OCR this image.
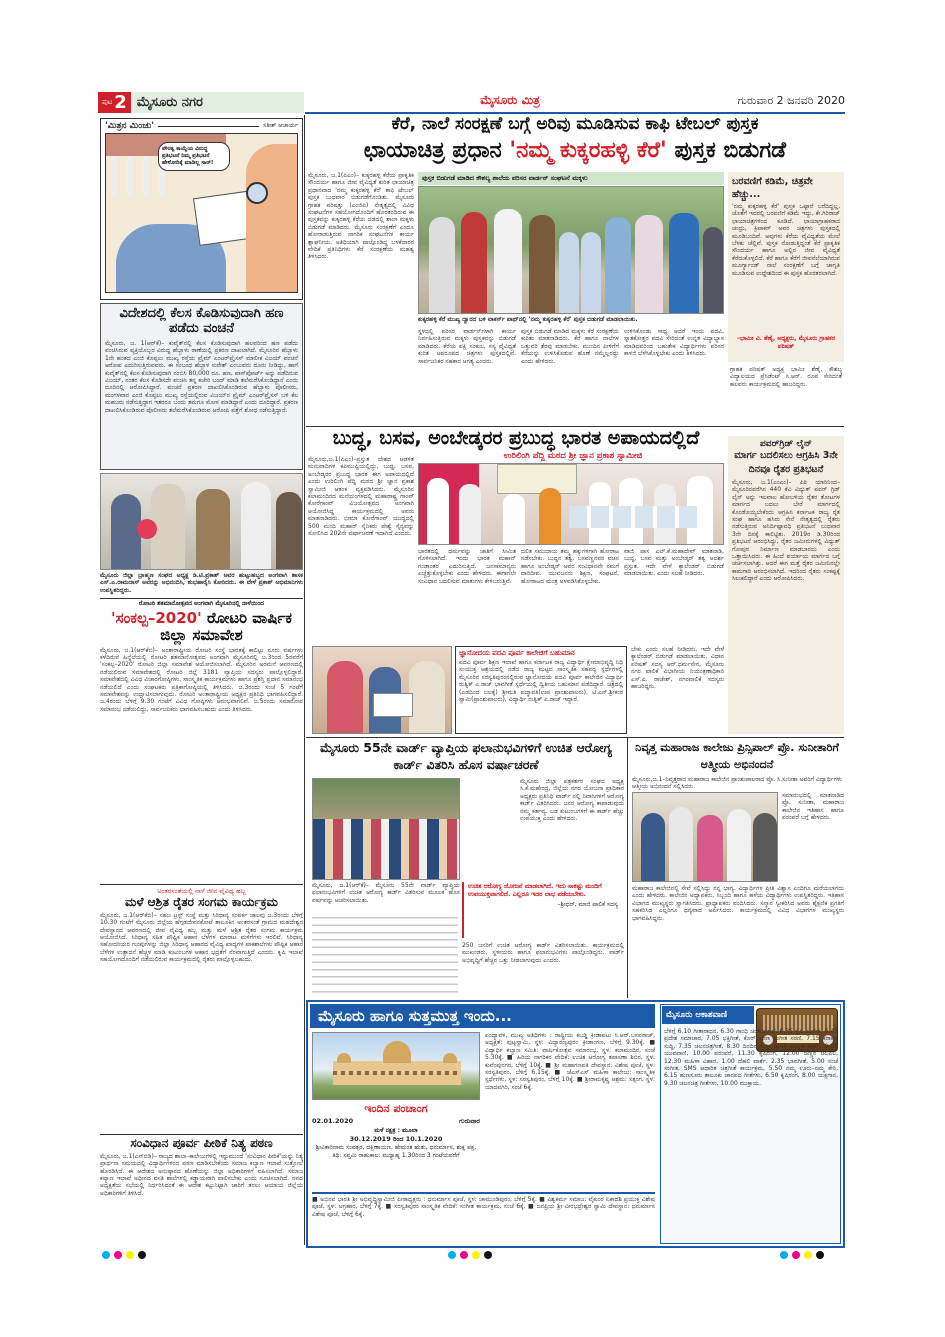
ಪುಟ 2 ಮೈಸೂರು ನಗರ	ಮೈಸೂರು ಮಿತ್ರ	ಗುರುವಾರ 2 ಜನವರಿ 2020
'ಮಿತ್ರನ ಮಿಂಚು'	ಸತೀಶ್ ಆಚಾರ್ಯ
ಪೌರತ್ವ ಕಾಯ್ದೆಯ ವಿರುದ್ಧ ಪ್ರತಿಭಟನೆ ನಿಮ್ಮ ಪ್ರತಿಭಟನೆ ಹೇಳೋದಿಕ್ಕೆ ಮಾಡಿಲ್ಲ ಸಾರ್!
ವಿದೇಶದಲ್ಲಿ ಕೆಲಸ ಕೊಡಿಸುವುದಾಗಿ ಹಣ ಪಡೆದು ವಂಚನೆ
ಮೈಸೂರು, ಜ. 1(ಆರ್‌ಕೆ)– ಕುವೈತ್‌ನಲ್ಲಿ ಕೆಲಸ ಕೊಡಿಸುವುದಾಗಿ ಹಲವರಿಂದ ಹಣ ಪಡೆದು ವಂಚಿಸಿರುವ ವ್ಯಕ್ತಿಯೊಬ್ಬರ ವಿರುದ್ಧ ಹೆಬ್ಬಾಳು ಠಾಣೆಯಲ್ಲಿ ಪ್ರಕರಣ ದಾಖಲಾಗಿದೆ. ಮೈಸೂರಿನ ಹೆಬ್ಬಾಳು 1ನೇ ಹಂತದ ಎಂಜಿ ಕೊಪ್ಪಲು ಮುಖ್ಯ ರಸ್ತೆಯ ಪ್ರೈಮ್ ಎಂಟರ್‌ಪ್ರೈಸಸ್ ಮಾಲೀಕ ವಿಜಯ್ ವಂಚನೆ ಆರೋಪ ಎದುರಿಸುತ್ತಿರುವವರು. ಈ ಸಂಬಂಧ ಹೆಬ್ಬಾಳ ಸುರೇಶ್ ಎಂಬುವರು ದೂರು ನೀಡಿದ್ದು, ಹಾಗೆ ಕುವೈತ್‌ನಲ್ಲಿ ಕೆಲಸ ಕೊಡಿಸುವುದಾಗಿ ನಂಬಿಸಿ 80,000 ರೂ. ಹಣ, ಪಾಸ್‌ಪೋರ್ಟ್ ಅನ್ನು ಪಡೆದಿರುವ ವಿಜಯ್, ನಂತರ ಕೆಲಸ ಕೊಡಿಸದೇ ವಂಚಿಸಿ ತನ್ನ ಕಚೇರಿ ಬಂದ್ ಮಾಡಿ ತಲೆಮರೆಸಿಕೊಂಡಿದ್ದಾನೆ ಎಂದು ದೂರಿನಲ್ಲಿ ಆರೋಪಿಸಿದ್ದಾರೆ. ವಂಚನೆ ಪ್ರಕರಣ ದಾಖಲಿಸಿಕೊಂಡಿರುವ ಹೆಬ್ಬಾಳು ಪೊಲೀಸರು, ಮಂಗಳವಾರ ಎಂಜಿ ಕೊಪ್ಪಲು ಮುಖ್ಯ ರಸ್ತೆಯಲ್ಲಿರುವ ವಿಜಯ್‌ನ ಪ್ರೈಮ್ ಎಂಟರ್‌ಪ್ರೈಸಸ್ ಬಳಿ ಕೆಲ ಮಹಜರು ನಡೆಸುತ್ತಿದ್ದಾಗ ಇತರರೂ ಬಂದು ತಮಗೂ ಮೋಸ ಮಾಡಿದ್ದಾರೆ ಎಂದು ದೂರಿದ್ದಾರೆ. ಪ್ರಕರಣ ದಾಖಲಿಸಿಕೊಂಡಿರುವ ಪೊಲೀಸರು ತಲೆಮರೆಸಿಕೊಂಡಿರುವ ಆರೋಪಿ ಪತ್ತೆಗೆ ಶೋಧ ನಡೆಸುತ್ತಿದ್ದಾರೆ.
ಮೈಸೂರು ಜಿಲ್ಲಾ ಬ್ರಾಹ್ಮಣ ಸಂಘದ ಅಧ್ಯಕ್ಷ ಡಿ.ಟಿ.ಪ್ರಕಾಶ್ ಅವರ ಹುಟ್ಟುಹಬ್ಬದ ಅಂಗವಾಗಿ ಶಾಸಕ ಎಸ್.ಎ.ರಾಮದಾಸ್ ಅವರನ್ನು ಅಭಿನಂದಿಸಿ, ಶುಭಹಾರೈಸಿ ಕೋರಿದರು. ಈ ವೇಳೆ ಪ್ರಕಾಶ್ ಅಭಿಮಾನಿಗಳು ಉಪಸ್ಥಿತರಿದ್ದರು.
ರೋಟರಿ ಶತಮಾನೋತ್ಸವದ ಅಂಗವಾಗಿ ಮೈಸೂರಿನಲ್ಲಿ ನಾಳೆಯಿಂದ
'ಸಂಕಲ್ಪ–2020' ರೋಟರಿ ವಾರ್ಷಿಕ ಜಿಲ್ಲಾ ಸಮಾವೇಶ
ಮೈಸೂರು, ಜ.1(ಆರ್‌ಕೆಬಿ)– ಅಂತಾರಾಷ್ಟ್ರೀಯ ರೋಟರಿ ಸಂಸ್ಥೆ ಭಾರತಕ್ಕೆ ಕಾಲಿಟ್ಟು ನೂರು ವರ್ಷಗಳು ಕಳೆದಿರುವ ಹಿನ್ನೆಲೆಯಲ್ಲಿ ರೋಟರಿ ಶತಮಾನೋತ್ಸವದ ಅಂಗವಾಗಿ ಮೈಸೂರಿನಲ್ಲಿ ಜ.3ರಿಂದ 5ರವರೆಗೆ 'ಸಂಕಲ್ಪ–2020' ರೋಟರಿ ಜಿಲ್ಲಾ ಸಮಾವೇಶ ಆಯೋಜಿಸಲಾಗಿದೆ. ಮೈಸೂರಿನ ಅರಮನೆ ಆವರಣದಲ್ಲಿ ನಡೆಯಲಿರುವ ಸಮಾವೇಶದಲ್ಲಿ ರೋಟರಿ ಜಿಲ್ಲೆ 3181 ವ್ಯಾಪ್ತಿಯ ಸದಸ್ಯರು ಪಾಲ್ಗೊಳ್ಳಲಿದ್ದಾರೆ. ಸಮಾವೇಶದಲ್ಲಿ ವಿವಿಧ ವಿಚಾರಗೋಷ್ಠಿಗಳು, ಸಾಂಸ್ಕೃತಿಕ ಕಾರ್ಯಕ್ರಮಗಳು ಹಾಗೂ ಪ್ರಶಸ್ತಿ ಪ್ರದಾನ ಸಮಾರಂಭ ನಡೆಯಲಿದೆ ಎಂದು ಸಂಘಟಕರು ಪತ್ರಿಕಾಗೋಷ್ಠಿಯಲ್ಲಿ ತಿಳಿಸಿದರು. ಜ.3ರಂದು ಸಂಜೆ 5 ಗಂಟೆಗೆ ಸಮಾವೇಶವನ್ನು ಉದ್ಘಾಟಿಸಲಾಗುವುದು. ರೋಟರಿ ಅಂತಾರಾಷ್ಟ್ರೀಯ ಅಧ್ಯಕ್ಷರ ಪ್ರತಿನಿಧಿ ಭಾಗವಹಿಸಲಿದ್ದಾರೆ. ಜ.4ರಂದು ಬೆಳಿಗ್ಗೆ 9.30 ಗಂಟೆಗೆ ವಿವಿಧ ಗೋಷ್ಠಿಗಳು ಆರಂಭವಾಗಲಿವೆ. ಜ.5ರಂದು ಸಮಾರೋಪ ಸಮಾರಂಭ ನಡೆಯಲಿದ್ದು, ಸಾರ್ವಜನಿಕರು ಭಾಗವಹಿಸಬಹುದು ಎಂದು ತಿಳಿಸಿದರು.
ಅಂತರಸಂತೆಯಲ್ಲಿ ನಾಳೆ ಜೀವ ವೈವಿಧ್ಯ ಹಬ್ಬ
ಮಳೆ ಆಶ್ರಿತ ರೈತರ ಸಂಗಮ ಕಾರ್ಯಕ್ರಮ
ಮೈಸೂರು, ಜ.1(ಆರ್‌ಕೆಬಿ)– ಸಹಜ ಟ್ರಸ್ಟ್ ಸಂಸ್ಥೆ ಮತ್ತು ಸಿರಿಧಾನ್ಯ ಸಂಪರ್ಕ ಜಾಲವು ಜ.3ರಂದು ಬೆಳಿಗ್ಗೆ 10.30 ಗಂಟೆಗೆ ಮೈಸೂರು ಜಿಲ್ಲೆಯ ಹೆಗ್ಗಡದೇವನಕೋಟೆ ತಾಲೂಕಿನ ಅಂತರಸಂತೆ ಗ್ರಾಮದ ಮಹದೇಶ್ವರ ದೇವಸ್ಥಾನದ ಆವರಣದಲ್ಲಿ ಜೀವ ವೈವಿಧ್ಯ ಹಬ್ಬ ಮತ್ತು ಮಳೆ ಆಶ್ರಿತ ರೈತರ ಸಂಗಮ ಕಾರ್ಯಕ್ರಮ ಆಯೋಜಿಸಿದೆ. ಸಿರಿಧಾನ್ಯ ಸಹಿತ ಪೌಷ್ಟಿಕ ಆಹಾರ ಬೆಳೆಗಳ ಮಾರಾಟ ಮಳಿಗೆಗಳು ಇರಲಿವೆ. ಸಿರಿಧಾನ್ಯ ಸಹೋದರಿಯರ ಗುಂಪುಗಳನ್ನು ಜಿಲ್ಲಾ ಸಿರಿಧಾನ್ಯ ಆಹಾರದ ವೈವಿಧ್ಯ ಖಾದ್ಯಗಳ ಪಾಕಶಾಲೆಗಳು ಪೌಷ್ಟಿಕ ಆಹಾರ ಬೆಳೆಗಳ ಉತ್ಪಾದನೆ ಹೆಚ್ಚಳ ಮಾಡಿ ಕುಟುಂಬಗಳ ಆಹಾರ ಭದ್ರತೆಗೆ ನೆರವಾಗುತ್ತಿದೆ ಎಂದರು. ಕೃಷಿ ಇಲಾಖೆ ಸಹಯೋಗದೊಂದಿಗೆ ನಡೆಯಲಿರುವ ಕಾರ್ಯಕ್ರಮದಲ್ಲಿ ರೈತರು ಪಾಲ್ಗೊಳ್ಳಬಹುದು.
ಸಂವಿಧಾನ ಪೂರ್ವ ಪೀಠಿಕೆ ನಿತ್ಯ ಪಠಣ
ಮೈಸೂರು, ಜ.1(ಎಸ್‌ಬಿಡಿ)– ರಾಜ್ಯದ ಶಾಲಾ–ಕಾಲೇಜುಗಳಲ್ಲಿ ಇನ್ನುಮುಂದೆ 'ಸಂವಿಧಾನ ಪೀಠಿಕೆ'ಯನ್ನು ನಿತ್ಯ ಪ್ರಾರ್ಥನಾ ಸಮಯದಲ್ಲಿ ವಿದ್ಯಾರ್ಥಿಗಳಿಂದ ಪಠಣ ಮಾಡಿಸಬೇಕೆಂದು ಸಮಾಜ ಕಲ್ಯಾಣ ಇಲಾಖೆ ಸುತ್ತೋಲೆ ಹೊರಡಿಸಿದೆ. ಈ ಆದೇಶದ ಅನುಷ್ಠಾನದ ಹೊಣೆಯನ್ನು ಜಿಲ್ಲಾ ಅಧಿಕಾರಿಗಳಿಗೆ ವಹಿಸಲಾಗಿದೆ. ಸಮಾಜ ಕಲ್ಯಾಣ ಇಲಾಖೆ ಅಧೀನದ ವಸತಿ ಶಾಲೆಗಳಲ್ಲಿ ಕಡ್ಡಾಯವಾಗಿ ಪಾಲಿಸಬೇಕು ಎಂದು ಸೂಚಿಸಲಾಗಿದೆ. ನವದ ಅಧ್ಯಕ್ಷತೆಯ ಸಭೆಯಲ್ಲಿ ನಿರ್ಧರಿಸಿದಂತೆ ಈ ಆದೇಶ ಕಟ್ಟುನಿಟ್ಟಾಗಿ ಜಾರಿಗೆ ತರಲು ಆಯಾಯ ಜಿಲ್ಲೆಯ ಅಧಿಕಾರಿಗಳಿಗೆ ತಿಳಿಸಿದೆ.
ಕೆರೆ, ನಾಲೆ ಸಂರಕ್ಷಣೆ ಬಗ್ಗೆ ಅರಿವು ಮೂಡಿಸುವ ಕಾಫಿ ಟೇಬಲ್ ಪುಸ್ತಕ
ಛಾಯಾಚಿತ್ರ ಪ್ರಧಾನ 'ನಮ್ಮ ಕುಕ್ಕರಹಳ್ಳಿ ಕೆರೆ' ಪುಸ್ತಕ ಬಿಡುಗಡೆ
ಮೈಸೂರು, ಜ.1(ಪಿಎಂ)– ಕುಕ್ಕರಹಳ್ಳಿ ಕೆರೆಯ ಪ್ರಾಕೃತಿಕ ಸೌಂದರ್ಯ ಹಾಗೂ ಜೀವ ವೈವಿಧ್ಯತೆ ಕುರಿತ ಛಾಯಾಚಿತ್ರ ಪ್ರಧಾನವಾದ 'ನಮ್ಮ ಕುಕ್ಕರಹಳ್ಳಿ ಕೆರೆ' ಕಾಫಿ ಟೇಬಲ್ ಪುಸ್ತಕ ಬುಧವಾರ ಬಿಡುಗಡೆಗೊಂಡಿತು. ಮೈಸೂರು ಗ್ರಾಹಕ ಪರಿಷತ್ತು (ಎಂಜಿಪಿ) ನೇತೃತ್ವದಲ್ಲಿ ವಿವಿಧ ಸಂಘಟನೆಗಳ ಸಹಯೋಗದೊಂದಿಗೆ ಹೊರತಂದಿರುವ ಈ ಪುಸ್ತಕವನ್ನು ಕುಕ್ಕರಹಳ್ಳಿ ಕೆರೆಯ ದಡದಲ್ಲಿ ಶಾಲಾ ಮಕ್ಕಳು ಬಿಡುಗಡೆ ಮಾಡಿದರು. ಮೈಸೂರು ಸಂರಕ್ಷಣೆಗೆ ಎಂದೂ ಹೋರಾಡುತ್ತಿರುವ ನಾಗರಿಕ ಸಂಘಟನೆಗಳ ಕಾರ್ಯ ಶ್ಲಾಘನೀಯ. ಅತಿಥಿಯಾಗಿ ಪಾಲ್ಗೊಂಡಿದ್ದ ಬಳಕೆದಾರರ ವೇದಿಕೆ ಪ್ರತಿನಿಧಿಗಳು ಕೆರೆ ಸಂರಕ್ಷಣೆಯ ಮಹತ್ವ ತಿಳಿಸಿದರು.
ಪುಸ್ತಕ ಬಿಡುಗಡೆ ಮಾಡಿದ ಕೌಶಲ್ಯ ಶಾಲೆಯ ಪರಿಸರ ವಾರ್ಡನ್ ಸಂಘಟನೆ ಮಕ್ಕಳು
ಕುಕ್ಕರಹಳ್ಳಿ ಕೆರೆ ಮುಖ್ಯ ದ್ವಾರದ ಬಳಿ ವಾಕರ್ಸ್ ಪಾಥ್‌ನಲ್ಲಿ 'ನಮ್ಮ ಕುಕ್ಕರಹಳ್ಳಿ ಕೆರೆ' ಪುಸ್ತಕ ಬಿಡುಗಡೆ ಮಾಡಲಾಯಿತು.
ಸ್ಥಳದಲ್ಲಿ ಪರಿಸರ ವಾರ್ಡನ್‌ಗಳಾಗಿ ಕಾರ್ಯ ನಿರ್ವಹಿಸುತ್ತಿರುವ ಮಕ್ಕಳು ಪುಸ್ತಕವನ್ನು ಬಿಡುಗಡೆ ಮಾಡಿದರು. ಕೆರೆಯ ಪಕ್ಷಿ ಸಂಕುಲ, ಸಸ್ಯ ವೈವಿಧ್ಯತೆ ಕುರಿತ ಅಪರೂಪದ ಚಿತ್ರಗಳು ಪುಸ್ತಕದಲ್ಲಿವೆ. ಸಾರ್ವಜನಿಕರ ಸಹಕಾರ ಅಗತ್ಯ ಎಂದರು.
ಪುಸ್ತಕ ಬಿಡುಗಡೆ ಮಾಡಿದ ಮಕ್ಕಳು ಕೆರೆ ಸಂರಕ್ಷಣೆಯ ಕುರಿತು ಮಾತನಾಡಿದರು. ಕೆರೆ ಹಾಗೂ ನಾಲೆಗಳ ಒತ್ತುವರಿ ತೆರವು ಮಾಡಬೇಕು. ಮುಂದಿನ ಪೀಳಿಗೆಗೆ ಕೆರೆಯನ್ನು ಉಳಿಸಿಕೊಡುವ ಹೊಣೆ ನಮ್ಮೆಲ್ಲರದ್ದು ಎಂದು ಹೇಳಿದರು.
ಉಳಿಸಿಕೊಂಡು ಸಾಧ್ಯ ಆದರೆ ಇಂದು ಪದವಿ, ಸ್ನಾತಕೋತ್ತರ ಪದವಿ ಸೇರಿದಂತೆ ಉನ್ನತ ವಿದ್ಯಾಭ್ಯಾಸ ಮಾಡಿದವರಿಂದ ಬಹುತೇಕ ವಿದ್ಯಾರ್ಥಿಗಳು ಪರಿಸರ ಕಾಳಜಿ ಬೆಳೆಸಿಕೊಳ್ಳಬೇಕು ಎಂದು ತಿಳಿಸಿದರು.
ಬರವಣಿಗೆ ಕಡಿಮೆ, ಚಿತ್ರವೇ ಹೆಚ್ಚು...
'ನಮ್ಮ ಕುಕ್ಕರಹಳ್ಳಿ ಕೆರೆ' ಪುಸ್ತಕ ಒಟ್ಟಾರೆ ಬರೆದಿದ್ದಲ್ಲ, ಜೊತೆಗೆ ಇದರಲ್ಲಿ ಬರವಣಿಗೆ ಕಡಿಮೆ ಇದ್ದು, ಕೇ.ಗಿರಿರಾಜ್ ಛಾಯಾಚಿತ್ರಗಳಿಂದ ಕೂಡಿದೆ. ಛಾಯಾಗ್ರಾಹಕರಾದ ಚಂದ್ರು, ಕ್ರಿಪಾಕರ್ ಅವರ ಚಿತ್ರಗಳು ಪುಸ್ತಕದಲ್ಲಿ ಮೂಡಿಬಂದಿವೆ. ಅವುಗಳು ಕೆರೆಯ ವೈವಿಧ್ಯತೆಯ ಮೇಲೆ ಬೆಳಕು ಚೆಲ್ಲಿವೆ. ಪುಸ್ತಕ ನೋಡುತ್ತಿದ್ದಂತೆ ಕೆರೆ ಪ್ರಾಕೃತಿಕ ಸೌಂದರ್ಯ ಹಾಗೂ ಅಲ್ಲಿನ ಜೀವ ವೈವಿಧ್ಯತೆ ಕೆರೆದುಕೊಳ್ಳಲಿದೆ. ಕೆರೆ ಹಾಗೂ ಕೆರೆಗೆ ಜೀವಸೆಲೆಯಾಗಿರುವ ಮೂರ್ಗ್ಯಾಂಡ್ ನಾಲೆ ಸಂರಕ್ಷಣೆಗೆ ಬಗ್ಗೆ ಜಾಗೃತಿ ಮೂಡಿಸುವ ಉದ್ದೇಶದಿಂದ ಈ ಪುಸ್ತಕ ಹೊರತರಲಾಗಿದೆ.
–ಭಾಮೀ ವಿ. ಶೆಣೈ, ಅಧ್ಯಕ್ಷರು, ಮೈಸೂರು ಗ್ರಾಹಕರ ಪರಿಷತ್
ಗ್ರಾಹಕ ಪರಿಷತ್ ಅಧ್ಯಕ್ಷ ಭಾಮೀ ಶೆಣೈ, ಕೌಶಲ್ಯ ವಿದ್ಯಾಲಯದ ಪ್ರೆಸಿಡೆಂಟ್ ಸಿ.ಆರ್. ರೂಪ ಸೇರಿದಂತೆ ಹಲವರು ಕಾರ್ಯಕ್ರಮದಲ್ಲಿ ಹಾಜರಿದ್ದರು.
ಬುದ್ಧ, ಬಸವ, ಅಂಬೇಡ್ಕರರ ಪ್ರಬುದ್ಧ ಭಾರತ ಅಪಾಯದಲ್ಲಿದೆ
ಉರಿಲಿಂಗಿ ಪೆದ್ದಿ ಮಠದ ಶ್ರೀ ಜ್ಞಾನ ಪ್ರಕಾಶ ಸ್ವಾಮೀಜಿ
ಮೈಸೂರು,ಜ.1(ಪಿಎಂ)–ಪ್ರಸ್ತುತ ದೇಶದ ಆಡಳಿತ ಮನುವಾದಿಗಳ ಕಪಿಮುಷ್ಟಿಯಲ್ಲಿದ್ದು, ಬುದ್ಧ, ಬಸವ, ಅಂಬೇಡ್ಕರರ ಪ್ರಬುದ್ಧ ಭಾರತ ಈಗ ಅಪಾಯದಲ್ಲಿದೆ ಎಂದು ಉರಿಲಿಂಗಿ ಪೆದ್ದಿ ಮಠದ ಶ್ರೀ ಜ್ಞಾನ ಪ್ರಕಾಶ ಸ್ವಾಮೀಜಿ ಆತಂಕ ವ್ಯಕ್ತಪಡಿಸಿದರು. ಮೈಸೂರಿನ ಕಲಾಮಂದಿರದ ಮನೆಯಂಗಳದಲ್ಲಿ ಮಹಾರಾಷ್ಟ್ರ ಗಾಂವ್ ಕೋರೆಗಾಂವ್ ವಿಜಯೋತ್ಸವದ ಅಂಗವಾಗಿ ಆಯೋಜಿಸಿದ್ದ ಕಾರ್ಯಕ್ರಮದಲ್ಲಿ ಅವರು ಮಾತನಾಡಿದರು. ಭೀಮಾ ಕೋರೆಗಾಂವ್ ಯುದ್ಧದಲ್ಲಿ 500 ಮಂದಿ ಮಹಾರ್ ಸೈನಿಕರು ಪೇಶ್ವೆ ಸೈನ್ಯವನ್ನು ಸೋಲಿಸಿದ 202ನೇ ವರ್ಷಾಚರಣೆ ಇದಾಗಿದೆ ಎಂದರು.
ಭಾರತದಲ್ಲಿ ಧರ್ಮವನ್ನು ಜಾತಿಗೆ ಸೀಮಿತ ಗೊಳಿಸಲಾಗಿದೆ. ಇಂದು ಭಾರತ ಮಹಾನ್ ಗಂಡಾಂತರ ಎದುರಿಸುತ್ತಿದೆ. ಜನಸಾಮಾನ್ಯರು ಎಚ್ಚೆತ್ತುಕೊಳ್ಳಬೇಕು ಎಂದು ಹೇಳಿದರು. ಈಗಾಗಲೇ ಸಂವಿಧಾನ ಬದಲಿಸುವ ಮಾತುಗಳು ಕೇಳಿಬರುತ್ತಿವೆ.
ದಲಿತ ಸಮುದಾಯ ತಮ್ಮ ಹಕ್ಕುಗಳಿಗಾಗಿ ಹೋರಾಟ ನಡೆಸಬೇಕು. ಬುದ್ಧನ ತತ್ವ, ಬಸವಣ್ಣನವರ ವಚನ ಹಾಗೂ ಅಂಬೇಡ್ಕರ್ ಅವರ ಸಂವಿಧಾನವೇ ನಮಗೆ ದಾರಿದೀಪ. ಯುವಜನರು ಶಿಕ್ಷಣ, ಸಂಘಟನೆ, ಹೋರಾಟದ ಮಂತ್ರ ಅಳವಡಿಸಿಕೊಳ್ಳಬೇಕು.
ವಾಜಿ ಪಾಸ ಎಲ್.ಕೆ.ಮಹಾದೇವ್ ಮಾತನಾಡಿ, ಬುದ್ಧ, ಬಸವ ಮತ್ತು ಅಂಬೇಡ್ಕರ್ ತತ್ವ ಆದರ್ಶ ಪ್ರಸ್ತುತ. ಇದೇ ವೇಳೆ ಕ್ಯಾಲೆಂಡರ್ ಬಿಡುಗಡೆ ಮಾಡಲಾಯಿತು. ಎಂದು ಸಲಹೆ ನೀಡಿದರು.
ಪವರ್‌ಗ್ರಿಡ್ ಲೈನ್
ಮಾರ್ಗ ಬದಲಿಸಲು ಆಗ್ರಹಿಸಿ 3ನೇ ದಿನವೂ ರೈತರ ಪ್ರತಿಭಟನೆ
ಮೈಸೂರು, ಜ.1(ಎಂಎಂ)– ಪಿಠಿ ಯಾರಿನಿಂದ–ಮೈಸೂರಿನವರೆಗಿನ 440 ಕೆವಿ ವಿದ್ಯುತ್ ಪವರ್ ಗ್ರಿಡ್ ಲೈನ್ ಅನ್ನು ಇಲವಾಲ ಹೋಬಳಿಯ ರೈತರ ತೋಟಗಳ ಮಾರ್ಗದ ಬದಲು ಬೇರೆ ಮಾರ್ಗದಲ್ಲಿ ಕೊಂಡೊಯ್ಯಬೇಕೆಂದು ಆಗ್ರಹಿಸಿ ಕರ್ನಾಟಕ ರಾಜ್ಯ ರೈತ ಸಂಘ ಹಾಗೂ ಹಸಿರು ಸೇನೆ ನೇತೃತ್ವದಲ್ಲಿ ರೈತರು ನಡೆಸುತ್ತಿರುವ ಅನಿರ್ದಿಷ್ಟಾವಧಿ ಪ್ರತಿಭಟನೆ ಬುಧವಾರ 3ನೇ ದಿನಕ್ಕೆ ಕಾಲಿಟ್ಟಿತು. 2019ರ ಡಿ.30ರಿಂದ ಪ್ರತಿಭಟನೆ ಆರಂಭಿಸಿದ್ದು, ರೈತರ ಜಮೀನುಗಳಲ್ಲಿ ವಿದ್ಯುತ್ ಗೋಪುರ ನಿರ್ಮಾಣ ಮಾಡಬಾರದು ಎಂದು ಒತ್ತಾಯಿಸಿದರು. ಈ ಹಿಂದೆ ಪರ್ಯಾಯ ಮಾರ್ಗದ ಬಗ್ಗೆ ಚರ್ಚಿಸಲಾಗಿತ್ತು. ಆದರೆ ಈಗ ಮತ್ತೆ ರೈತರ ಜಮೀನಿನಲ್ಲೇ ಕಾಮಗಾರಿ ಆರಂಭಿಸಲಾಗಿದೆ. ಇದರಿಂದ ರೈತರು ಸಂಕಷ್ಟಕ್ಕೆ ಸಿಲುಕಲಿದ್ದಾರೆ ಎಂದು ಆರೋಪಿಸಿದರು.
ಜ್ಞಾನೋದಯ ಪದವಿ ಪೂರ್ವ ಕಾಲೇಜಿಗೆ ಬಹುಮಾನ
ಪದವಿ ಪೂರ್ವ ಶಿಕ್ಷಣ ಇಲಾಖೆ ಹಾಗೂ ಕರ್ನಾಟಕ ರಾಜ್ಯ ವಿದ್ಯಾರ್ಥಿ ಕ್ಷೇಮಾಭಿವೃದ್ಧಿ ನಿಧಿ ಸಂಯುಕ್ತ ಆಶ್ರಯದಲ್ಲಿ ನಡೆದ ರಾಜ್ಯ ಮಟ್ಟದ ಸಾಂಸ್ಕೃತಿಕ ಸಹಪಠ್ಯ ಸ್ಪರ್ಧೆಗಳಲ್ಲಿ ಮೈಸೂರಿನ ಸರಸ್ವತಿಪುರಂನಲ್ಲಿರುವ ಜ್ಞಾನೋದಯ ಪದವಿ ಪೂರ್ವ ಕಾಲೇಜಿನ ವಿದ್ಯಾರ್ಥಿ ರುತ್ವಿಕ್ ಎ.ರಾಜ್ ಭಾವಗೀತೆ ಸ್ಪರ್ಧೆಯಲ್ಲಿ ದ್ವಿತೀಯ ಬಹುಮಾನ ಪಡೆದಿದ್ದಾರೆ. ಚಿತ್ರದಲ್ಲಿ (ಎಡದಿಂದ ಬಲಕ್ಕೆ) ಶ್ರೀಮತಿ ಪದ್ಮಾವತಿ(ಉಪ ಪ್ರಾಂಶುಪಾಲರು), ಟಿ.ಎನ್.ಶ್ರೀಕಂಠ ಸ್ವಾಮಿ(ಪ್ರಾಂಶುಪಾಲರು), ವಿದ್ಯಾರ್ಥಿ ರುತ್ವಿಕ್ ಎ.ರಾಜ್ ಇದ್ದಾರೆ.
ಬೇಕು ಎಂದು ಸಲಹೆ ನೀಡಿದರು. ಇದೇ ವೇಳೆ ಕ್ಯಾಲೆಂಡರ್ ಬಿಡುಗಡೆ ಮಾಡಲಾಯಿತು. ವಿಧಾನ ಪರಿಷತ್ ಸದಸ್ಯ ಆರ್.ಧರ್ಮಸೇನ, ಮೈಸೂರು ನಗರ ಪಾಲಿಕೆ ವಿಭಾಗೀಯ ನಿಯಂತ್ರಣಾಧಿಕಾರಿ ಎಸ್.ಎ. ರಾಜೇಶ್, ನಗರಪಾಲಿಕೆ ಸದಸ್ಯರು ಹಾಜರಿದ್ದರು.
ಮೈಸೂರು 55ನೇ ವಾರ್ಡ್ ವ್ಯಾಪ್ತಿಯ ಫಲಾನುಭವಿಗಳಿಗೆ ಉಚಿತ ಆರೋಗ್ಯ ಕಾರ್ಡ್ ವಿತರಿಸಿ ಹೊಸ ವರ್ಷಾಚರಣೆ
ಮೈಸೂರು, ಜ.1(ಆರ್‌ಕೆ)– ಮೈಸೂರು 55ನೇ ವಾರ್ಡ್ ವ್ಯಾಪ್ತಿಯ ಫಲಾನುಭವಿಗಳಿಗೆ ಉಚಿತ ಆರೋಗ್ಯ ಕಾರ್ಡ್ ವಿತರಿಸುವ ಮೂಲಕ ಹೊಸ ವರ್ಷವನ್ನು ಆಚರಿಸಲಾಯಿತು.
ಮೈಸೂರು ಜಿಲ್ಲಾ ಪತ್ರಕರ್ತರ ಸಂಘದ ಅಧ್ಯಕ್ಷ ಸಿ.ಕೆ.ಮಹೇಂದ್ರ, ಜಿಲ್ಲೆಯ ನಗರ ಯೋಜನಾ ಪ್ರಾಧಿಕಾರ ಅಧ್ಯಕ್ಷರು ಪ್ರತಿನಿಧಿ ವಾರ್ಡ್ ನಲ್ಲಿ ನಿವಾಸಿಗಳಿಗೆ ಆರೋಗ್ಯ ಕಾರ್ಡ್ ವಿತರಿಸಿದರು. ಜನರ ಆರೋಗ್ಯ ಕಾಪಾಡುವುದು ನಮ್ಮ ಕರ್ತವ್ಯ. ಬಡ ಕುಟುಂಬಗಳಿಗೆ ಈ ಕಾರ್ಡ್ ಹೆಚ್ಚು ಉಪಯುಕ್ತ ಎಂದು ಹೇಳಿದರು.
ಉಚಿತ ಆರೋಗ್ಯ ಯೋಜನೆ ಮಾಡಲಾಗಿದೆ. ಇದು ಸಾಕಷ್ಟು ಮಂದಿಗೆ ಉಪಯುಕ್ತವಾಗಲಿದೆ. ಎಲ್ಲರೂ ಇದರ ಲಾಭ ಪಡೆಯಬೇಕು.
–ಶ್ರೀಧರ್, ಮಾಜಿ ಪಾಲಿಕೆ ಸದಸ್ಯ
250 ಜನರಿಗೆ ಉಚಿತ ಆರೋಗ್ಯ ಕಾರ್ಡ್ ವಿತರಿಸಲಾಯಿತು. ಕಾರ್ಯಕ್ರಮದಲ್ಲಿ ಮುಖಂಡರು, ಸ್ಥಳೀಯರು ಹಾಗೂ ಫಲಾನುಭವಿಗಳು ಪಾಲ್ಗೊಂಡಿದ್ದರು. ವಾರ್ಡ್ ಅಭಿವೃದ್ಧಿಗೆ ಹೆಚ್ಚಿನ ಒತ್ತು ನೀಡಲಾಗುವುದು ಎಂದರು.
ನಿವೃತ್ತ ಮಹಾರಾಜ ಕಾಲೇಜು ಪ್ರಿನ್ಸಿಪಾಲ್ ಪ್ರೊ. ಸುನೀತಾರಿಗೆ ಆತ್ಮೀಯ ಅಭಿನಂದನೆ
ಮೈಸೂರು,ಜ.1–ನಿವೃತ್ತರಾದ ಮಹಾರಾಜ ಕಾಲೇಜಿನ ಪ್ರಾಂಶುಪಾಲರಾದ ಪ್ರೊ. ಸಿ.ಸುನೀತಾ ಅವರಿಗೆ ವಿದ್ಯಾರ್ಥಿಗಳು ಆತ್ಮೀಯ ಅಭಿನಂದನೆ ಸಲ್ಲಿಸಿದರು.
ಸಮಾರಂಭದಲ್ಲಿ ಮಾತನಾಡಿದ ಪ್ರೊ. ಸುನೀತಾ, ಮಹಾರಾಜ ಕಾಲೇಜಿನ ಇತಿಹಾಸ ಹಾಗೂ ಪರಂಪರೆ ಬಗ್ಗೆ ಹೇಳಿದರು.
ಮಹಾರಾಜ ಕಾಲೇಜಿನಲ್ಲಿ ಸೇವೆ ಸಲ್ಲಿಸಿದ್ದು ನನ್ನ ಭಾಗ್ಯ. ವಿದ್ಯಾರ್ಥಿಗಳ ಪ್ರೀತಿ ವಿಶ್ವಾಸ ಎಂದಿಗೂ ಮರೆಯಲಾಗದು ಎಂದು ಹೇಳಿದರು. ಕಾಲೇಜಿನ ಅಧ್ಯಾಪಕರು, ಸಿಬ್ಬಂದಿ ಹಾಗೂ ಹಳೆಯ ವಿದ್ಯಾರ್ಥಿಗಳು ಉಪಸ್ಥಿತರಿದ್ದರು. ಇತಿಹಾಸ ವಿಭಾಗದ ಮುಖ್ಯಸ್ಥರು ಸ್ವಾಗತಿಸಿದರು. ಪ್ರಾಧ್ಯಾಪಕರು ವಂದಿಸಿದರು. ಸನ್ಮಾನ ಸ್ವೀಕರಿಸಿದ ಅವರು ಶೈಕ್ಷಣಿಕ ಪ್ರಗತಿಗೆ ಸಹಕರಿಸಿದ ಎಲ್ಲರಿಗೂ ಧನ್ಯವಾದ ಅರ್ಪಿಸಿದರು. ಕಾರ್ಯಕ್ರಮದಲ್ಲಿ ವಿವಿಧ ವಿಭಾಗಗಳ ಮುಖ್ಯಸ್ಥರು ಭಾಗವಹಿಸಿದ್ದರು.
ಮೈಸೂರು ಹಾಗೂ ಸುತ್ತಮುತ್ತ ಇಂದು...
ಇಂದಿನ ಪಂಚಾಂಗ
02.01.2020	ಗುರುವಾರ
ಮಳೆ ನಕ್ಷತ್ರ : ಮೂಲಾ
30.12.2019 ರಿಂದ 10.1.2020
ಶ್ರೀವಿಕಾರಿನಾಮ ಸಂವತ್ಸರ, ದಕ್ಷಿಣಾಯಣ, ಹೇಮಂತ ಋತು, ಧನುರ್ಮಾಸ, ಶುಕ್ಲ ಪಕ್ಷ, ತಿಥಿ: ಸಪ್ತಮಿ ರಾಹುಕಾಲ: ಮಧ್ಯಾಹ್ನ 1.30ರಿಂದ 3 ಗಂಟೆಯವರೆಗೆ
■ ಅಭಿನವ ಭಾರತಿ ಶ್ರೀ ಅಭಿವೃದ್ಧಿಸ್ವಾಮೀಜಿ ಪೀಠಾಧ್ಯಕ್ಷರು : ಧನುರ್ಮಾಸ ಪೂಜೆ, ಸ್ಥಳ: ಚಾಮುಂಡಿಪುರಂ, ಬೆಳಿಗ್ಗೆ 5ಕ್ಕೆ. ■ ವಿಶ್ವಕರ್ಮ ಸಮಾಜ: ವೈಕುಂಠ ಏಕಾದಶಿ ಪ್ರಯುಕ್ತ ವಿಶೇಷ ಪೂಜೆ, ಸ್ಥಳ: ಅಗ್ರಹಾರ, ಬೆಳಿಗ್ಗೆ 7ಕ್ಕೆ. ■ ಸರಸ್ವತಿಪುರಂ ಸಾಂಸ್ಕೃತಿಕ ವೇದಿಕೆ: ಸಂಗೀತ ಕಾರ್ಯಕ್ರಮ, ಸಂಜೆ 6ಕ್ಕೆ. ■ ಜನಪ್ರಿಯ ಶ್ರೀ ವೀರಭದ್ರೇಶ್ವರ ಸ್ವಾಮಿ ದೇವಸ್ಥಾನ: ಧನುರ್ಮಾಸ ವಿಶೇಷ ಪೂಜೆ, ಬೆಳಿಗ್ಗೆ 6ಕ್ಕೆ.
ಪಂದ್ಯಾವಳಿ, ಮುಖ್ಯ ಅತಿಥಿಗಳು : ರಾಷ್ಟ್ರೀಯ ಕಬಡ್ಡಿ ಕ್ರೀಡಾಪಟು ಸಿ.ಆರ್.ಬಸವರಾಜ್, ಅಧ್ಯಕ್ಷತೆ: ಪುಟ್ಟಸ್ವಾಮಿ, ಸ್ಥಳ: ವಿದ್ಯಾರಣ್ಯಪುರಂ ಕ್ರೀಡಾಂಗಣ, ಬೆಳಿಗ್ಗೆ 9.30ಕ್ಕೆ. ■ ವಿದ್ಯಾರ್ಥಿ ಕಲ್ಯಾಣ ಸಮಿತಿ: ವಾರ್ಷಿಕೋತ್ಸವ ಸಮಾರಂಭ, ಸ್ಥಳ: ಕಲಾಮಂದಿರ, ಸಂಜೆ 5.30ಕ್ಕೆ. ■ ಹಿರಿಯ ನಾಗರಿಕರ ವೇದಿಕೆ: ಉಚಿತ ಆರೋಗ್ಯ ತಪಾಸಣಾ ಶಿಬಿರ, ಸ್ಥಳ: ಕುವೆಂಪುನಗರ, ಬೆಳಿಗ್ಗೆ 10ಕ್ಕೆ. ■ ಶ್ರೀ ಮಹಾಗಣಪತಿ ದೇವಸ್ಥಾನ: ವಿಶೇಷ ಪೂಜೆ, ಸ್ಥಳ: ಸರಸ್ವತಿಪುರಂ, ಬೆಳಿಗ್ಗೆ 6.15ಕ್ಕೆ. ■ ಜೆಎಸ್‌ಎಸ್ ಮಹಿಳಾ ಕಾಲೇಜು: ಸಾಂಸ್ಕೃತಿಕ ಸ್ಪರ್ಧೆಗಳು, ಸ್ಥಳ: ಸರಸ್ವತಿಪುರಂ, ಬೆಳಿಗ್ಗೆ 10ಕ್ಕೆ. ■ ಶ್ರೀರಾಮಕೃಷ್ಣ ಆಶ್ರಮ: ಸತ್ಸಂಗ, ಸ್ಥಳ: ಯಾದವಗಿರಿ, ಸಂಜೆ 6ಕ್ಕೆ.
ಮೈಸೂರು ಆಕಾಶವಾಣಿ
ಬೆಳಿಗ್ಗೆ 6.10 ಗೀತಾರಾಧನ, 6.30 ಗಾಂಧಿ ಚಿಂತನಮಾಲೆ, 6.35 ಕೃಷಿ ಸಂದೇಶ, 6.45 ಪ್ರದೇಶ ಸಮಾಚಾರ, 7.05 ಭಕ್ತಿಗೀತೆ, ಕೊರ್ ಪಠಣ ಸಂಗೀತ ಸರಣಿ, 7.15 ಕರಾವಳಿ ಸುದ್ದಿ, 7.35 ಚಲನಚಿತ್ರಗೀತೆ, 8.30 ದಿನದಿನ ಸುದ್ದಿ, 8.45 ಸಂಸ್ಕೃತ ವಾರ್ತೆ, 9.00 ಯುವವಾಣಿ, 10.00 ಪರಂಪರೆ, 11.30 ಕೃಷಿರಂಗ, 12.00 ಚಿಣ್ಣರ ಚಿಲಿಪಿಲಿ, 12.30 ಮಹಿಳಾ ವಿಹಾರ, 1.00 ದೆಹಲಿ ವಾರ್ತೆ, 2.35 ಭಾವಗೀತೆ, 5.00 ಸಂಜೆ ಸಂಗೀತ, SMS ಆಧಾರಿತ ಚಿತ್ರಗೀತೆ ಕಾರ್ಯಕ್ರಮ, 5.50 ನಮ್ಮ ಊರು–ನಮ್ಮ ಕೇರಿ, 6.15 ಹುಣಸೂರು ತಾಲೂಕು ಜಾನಪದ ಗೀತೆಗಳು, 6.50 ಕೃಷಿರಂಗ, 8.00 ಯಕ್ಷಗಾನ, 9.30 ಚಲನಚಿತ್ರ ಗೀತೆಗಳು, 10.00 ಮುಕ್ತಾಯ.
